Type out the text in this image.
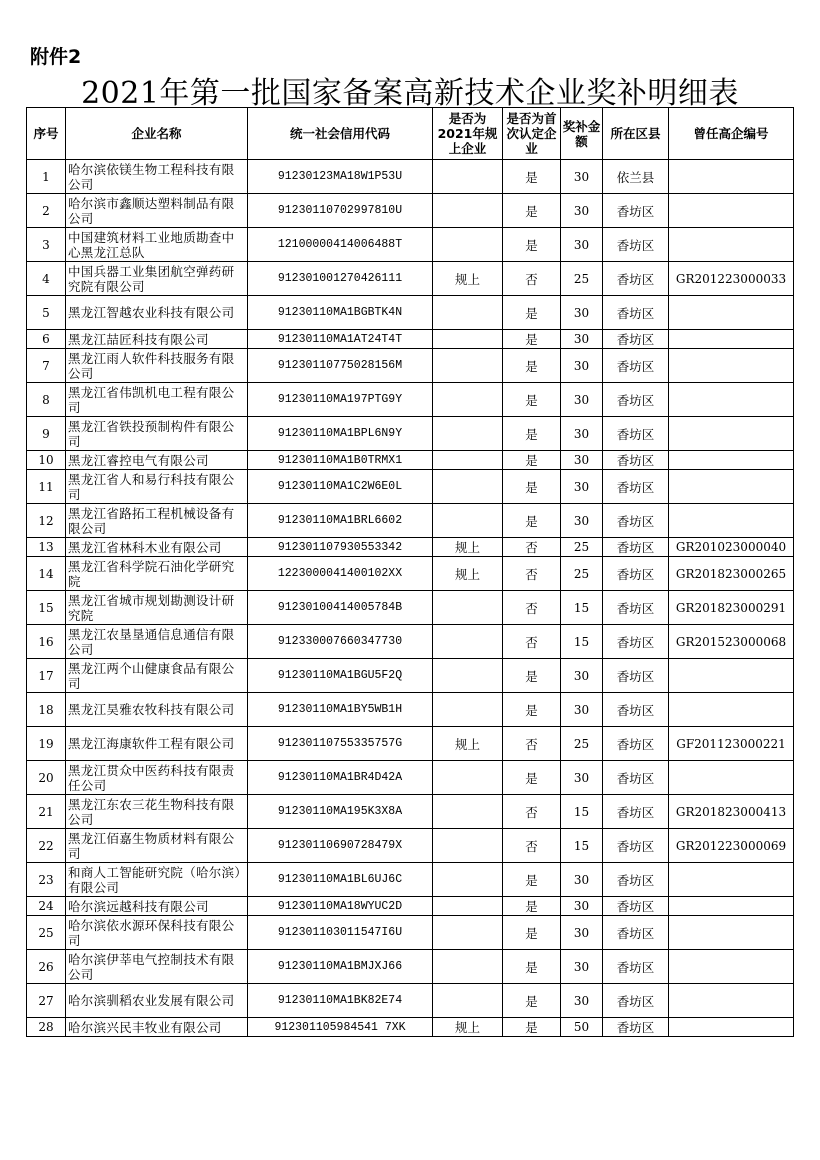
附件2
2021年第一批国家备案高新技术企业奖补明细表
序号	企业名称	统一社会信用代码	是否为2021年规上企业	是否为首次认定企业	奖补金额	所在区县	曾任高企编号
1	哈尔滨依镁生物工程科技有限公司	91230123MA18W1P53U		是	30	依兰县	
2	哈尔滨市鑫顺达塑料制品有限公司	91230110702997810U		是	30	香坊区	
3	中国建筑材料工业地质勘查中心黑龙江总队	12100000414006488T		是	30	香坊区	
4	中国兵器工业集团航空弹药研究院有限公司	912301001270426111	规上	否	25	香坊区	GR201223000033
5	黑龙江智越农业科技有限公司	91230110MA1BGBTK4N		是	30	香坊区	
6	黑龙江喆匠科技有限公司	91230110MA1AT24T4T		是	30	香坊区	
7	黑龙江雨人软件科技服务有限公司	91230110775028156M		是	30	香坊区	
8	黑龙江省伟凯机电工程有限公司	91230110MA197PTG9Y		是	30	香坊区	
9	黑龙江省铁投预制构件有限公司	91230110MA1BPL6N9Y		是	30	香坊区	
10	黑龙江睿控电气有限公司	91230110MA1B0TRMX1		是	30	香坊区	
11	黑龙江省人和易行科技有限公司	91230110MA1C2W6E0L		是	30	香坊区	
12	黑龙江省路拓工程机械设备有限公司	91230110MA1BRL6602		是	30	香坊区	
13	黑龙江省林科木业有限公司	912301107930553342	规上	否	25	香坊区	GR201023000040
14	黑龙江省科学院石油化学研究院	1223000041400102XX	规上	否	25	香坊区	GR201823000265
15	黑龙江省城市规划勘测设计研究院	91230100414005784B		否	15	香坊区	GR201823000291
16	黑龙江农垦垦通信息通信有限公司	912330007660347730		否	15	香坊区	GR201523000068
17	黑龙江两个山健康食品有限公司	91230110MA1BGU5F2Q		是	30	香坊区	
18	黑龙江昊雅农牧科技有限公司	91230110MA1BY5WB1H		是	30	香坊区	
19	黑龙江海康软件工程有限公司	91230110755335757G	规上	否	25	香坊区	GF201123000221
20	黑龙江贯众中医药科技有限责任公司	91230110MA1BR4D42A		是	30	香坊区	
21	黑龙江东农三花生物科技有限公司	91230110MA195K3X8A		否	15	香坊区	GR201823000413
22	黑龙江佰嘉生物质材料有限公司	91230110690728479X		否	15	香坊区	GR201223000069
23	和商人工智能研究院（哈尔滨）有限公司	91230110MA1BL6UJ6C		是	30	香坊区	
24	哈尔滨远越科技有限公司	91230110MA18WYUC2D		是	30	香坊区	
25	哈尔滨依水源环保科技有限公司	912301103011547I6U		是	30	香坊区	
26	哈尔滨伊莘电气控制技术有限公司	91230110MA1BMJXJ66		是	30	香坊区	
27	哈尔滨驯稻农业发展有限公司	91230110MA1BK82E74		是	30	香坊区	
28	哈尔滨兴民丰牧业有限公司	912301105984541 7XK	规上	是	50	香坊区	
